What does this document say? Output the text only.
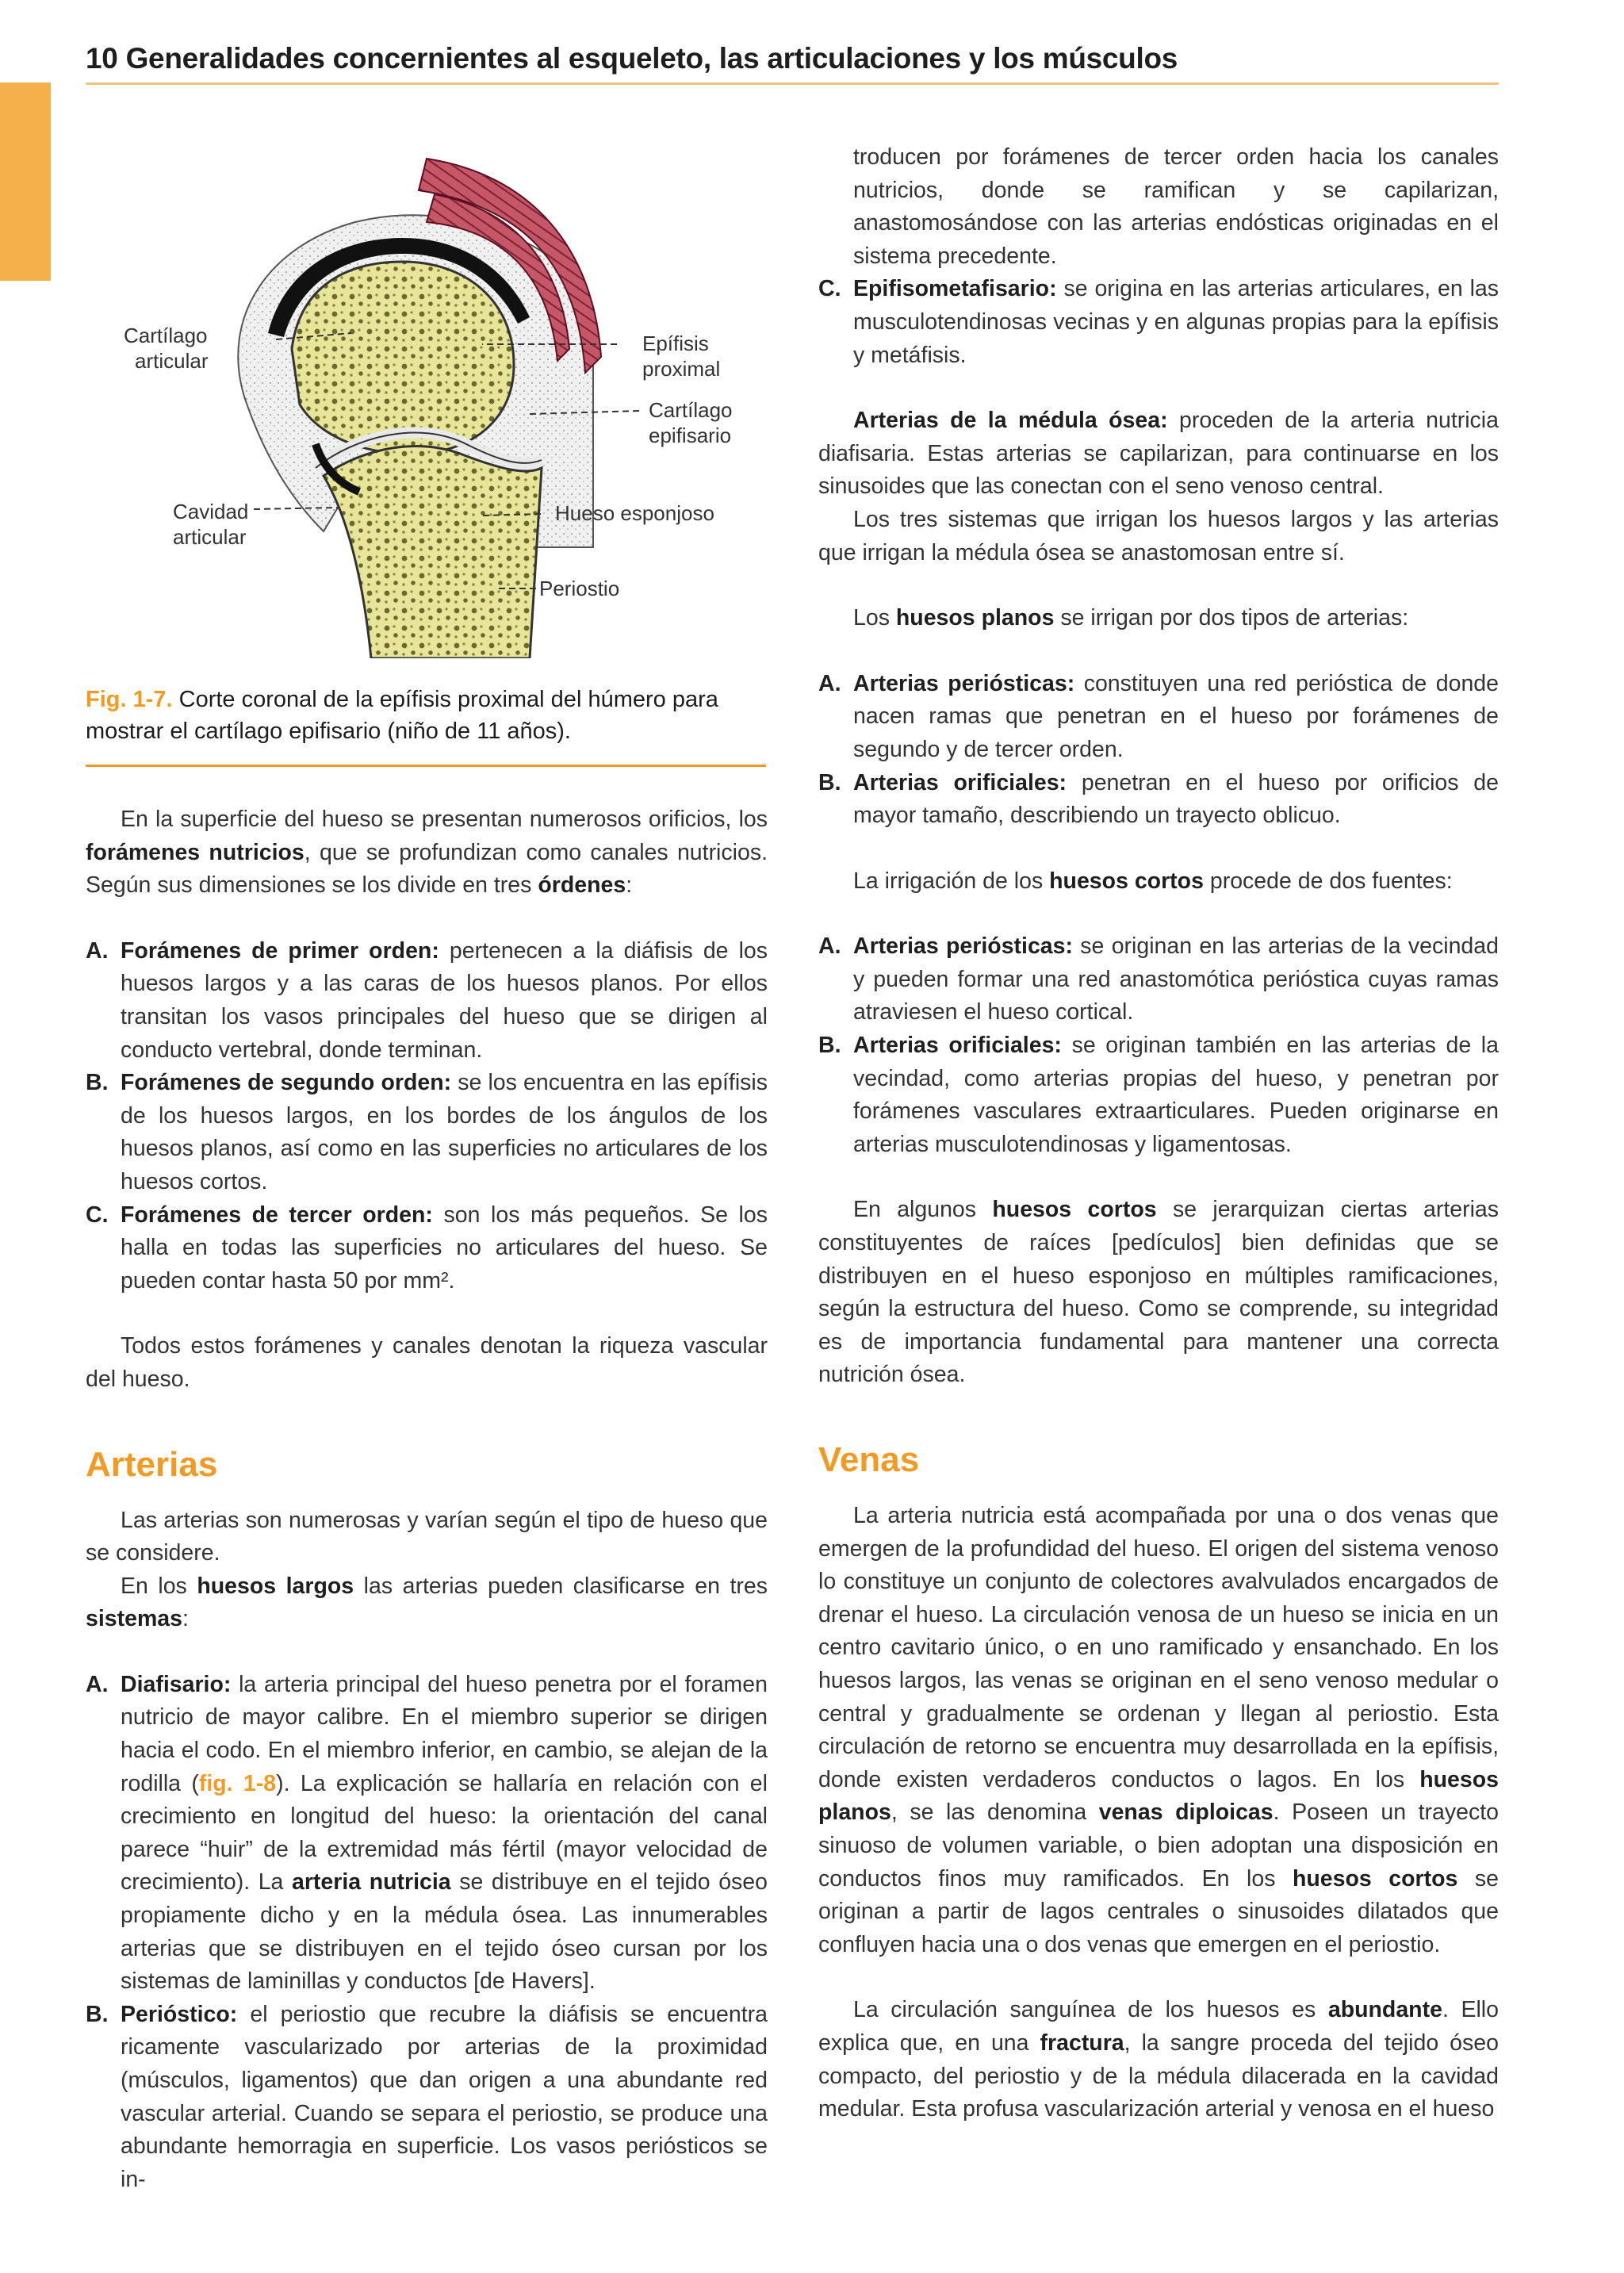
10 Generalidades concernientes al esqueleto, las articulaciones y los músculos
Cartílago
articular
Epífisis
proximal
Cartílago
epifisario
Cavidad
articular
Hueso esponjoso
Periostio
Fig. 1-7. Corte coronal de la epífisis proximal del húmero para mostrar el cartílago epifisario (niño de 11 años).

En la superficie del hueso se presentan numerosos orificios, los forámenes nutricios, que se profundizan como canales nutricios. Según sus dimensiones se los divide en tres órdenes:

A. Forámenes de primer orden: pertenecen a la diáfisis de los huesos largos y a las caras de los huesos planos. Por ellos transitan los vasos principales del hueso que se dirigen al conducto vertebral, donde terminan.
B. Forámenes de segundo orden: se los encuentra en las epífisis de los huesos largos, en los bordes de los ángulos de los huesos planos, así como en las superficies no articulares de los huesos cortos.
C. Forámenes de tercer orden: son los más pequeños. Se los halla en todas las superficies no articulares del hueso. Se pueden contar hasta 50 por mm².

Todos estos forámenes y canales denotan la riqueza vascular del hueso.

Arterias

Las arterias son numerosas y varían según el tipo de hueso que se considere.

En los huesos largos las arterias pueden clasificarse en tres sistemas:

A. Diafisario: la arteria principal del hueso penetra por el foramen nutricio de mayor calibre. En el miembro superior se dirigen hacia el codo. En el miembro inferior, en cambio, se alejan de la rodilla (fig. 1-8). La explicación se hallaría en relación con el crecimiento en longitud del hueso: la orientación del canal parece “huir” de la extremidad más fértil (mayor velocidad de crecimiento). La arteria nutricia se distribuye en el tejido óseo propiamente dicho y en la médula ósea. Las innumerables arterias que se distribuyen en el tejido óseo cursan por los sistemas de laminillas y conductos [de Havers].
B. Perióstico: el periostio que recubre la diáfisis se encuentra ricamente vascularizado por arterias de la proximidad (músculos, ligamentos) que dan origen a una abundante red vascular arterial. Cuando se separa el periostio, se produce una abundante hemorragia en superficie. Los vasos periósticos se in-
troducen por forámenes de tercer orden hacia los canales nutricios, donde se ramifican y se capilarizan, anastomosándose con las arterias endósticas originadas en el sistema precedente.
C. Epifisometafisario: se origina en las arterias articulares, en las musculotendinosas vecinas y en algunas propias para la epífisis y metáfisis.

Arterias de la médula ósea: proceden de la arteria nutricia diafisaria. Estas arterias se capilarizan, para continuarse en los sinusoides que las conectan con el seno venoso central.

Los tres sistemas que irrigan los huesos largos y las arterias que irrigan la médula ósea se anastomosan entre sí.

Los huesos planos se irrigan por dos tipos de arterias:

A. Arterias periósticas: constituyen una red perióstica de donde nacen ramas que penetran en el hueso por forámenes de segundo y de tercer orden.
B. Arterias orificiales: penetran en el hueso por orificios de mayor tamaño, describiendo un trayecto oblicuo.

La irrigación de los huesos cortos procede de dos fuentes:

A. Arterias periósticas: se originan en las arterias de la vecindad y pueden formar una red anastomótica perióstica cuyas ramas atraviesen el hueso cortical.
B. Arterias orificiales: se originan también en las arterias de la vecindad, como arterias propias del hueso, y penetran por forámenes vasculares extraarticulares. Pueden originarse en arterias musculotendinosas y ligamentosas.

En algunos huesos cortos se jerarquizan ciertas arterias constituyentes de raíces [pedículos] bien definidas que se distribuyen en el hueso esponjoso en múltiples ramificaciones, según la estructura del hueso. Como se comprende, su integridad es de importancia fundamental para mantener una correcta nutrición ósea.

Venas

La arteria nutricia está acompañada por una o dos venas que emergen de la profundidad del hueso. El origen del sistema venoso lo constituye un conjunto de colectores avalvulados encargados de drenar el hueso. La circulación venosa de un hueso se inicia en un centro cavitario único, o en uno ramificado y ensanchado. En los huesos largos, las venas se originan en el seno venoso medular o central y gradualmente se ordenan y llegan al periostio. Esta circulación de retorno se encuentra muy desarrollada en la epífisis, donde existen verdaderos conductos o lagos. En los huesos planos, se las denomina venas diploicas. Poseen un trayecto sinuoso de volumen variable, o bien adoptan una disposición en conductos finos muy ramificados. En los huesos cortos se originan a partir de lagos centrales o sinusoides dilatados que confluyen hacia una o dos venas que emergen en el periostio.

La circulación sanguínea de los huesos es abundante. Ello explica que, en una fractura, la sangre proceda del tejido óseo compacto, del periostio y de la médula dilacerada en la cavidad medular. Esta profusa vascularización arterial y venosa en el hueso
